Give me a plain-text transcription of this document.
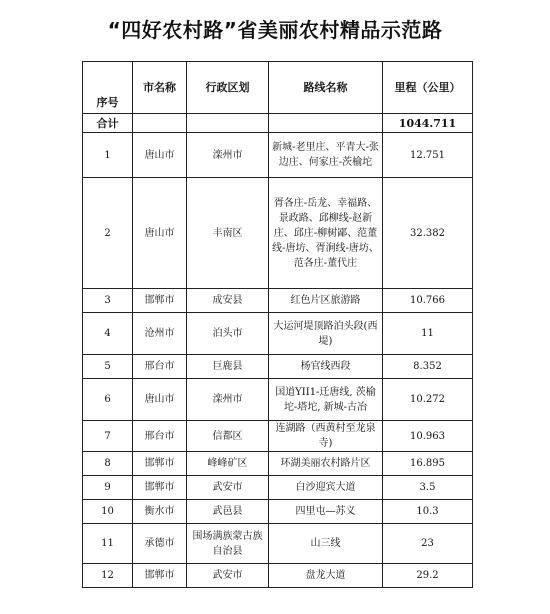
“四好农村路”省美丽农村精品示范路
序号	市名称	行政区划	路线名称	里程（公里）
合计				1044.711
1	唐山市	滦州市	新城-老里庄、平青大-张边庄、何家庄-茨榆坨	12.751
2	唐山市	丰南区	胥各庄-岳龙、幸福路、景政路、邱柳线-赵新庄、邱庄-柳树鄙、范董线-唐坊、胥涧线-唐坊、范各庄-董代庄	32.382
3	邯郸市	成安县	红色片区旅游路	10.766
4	沧州市	泊头市	大运河堤顶路泊头段(西堤)	11
5	邢台市	巨鹿县	杨官线西段	8.352
6	唐山市	滦州市	国道YII1-迁唐线, 茨榆坨-塔坨, 新城-古冶	10.272
7	邢台市	信都区	连湖路（西黄村至龙泉寺)	10.963
8	邯郸市	峰峰矿区	环湖美丽农村路片区	16.895
9	邯郸市	武安市	白沙迎宾大道	3.5
10	衡水市	武邑县	四里屯—苏义	10.3
11	承德市	围场满族蒙古族自治县	山三线	23
12	邯郸市	武安市	盘龙大道	29.2
